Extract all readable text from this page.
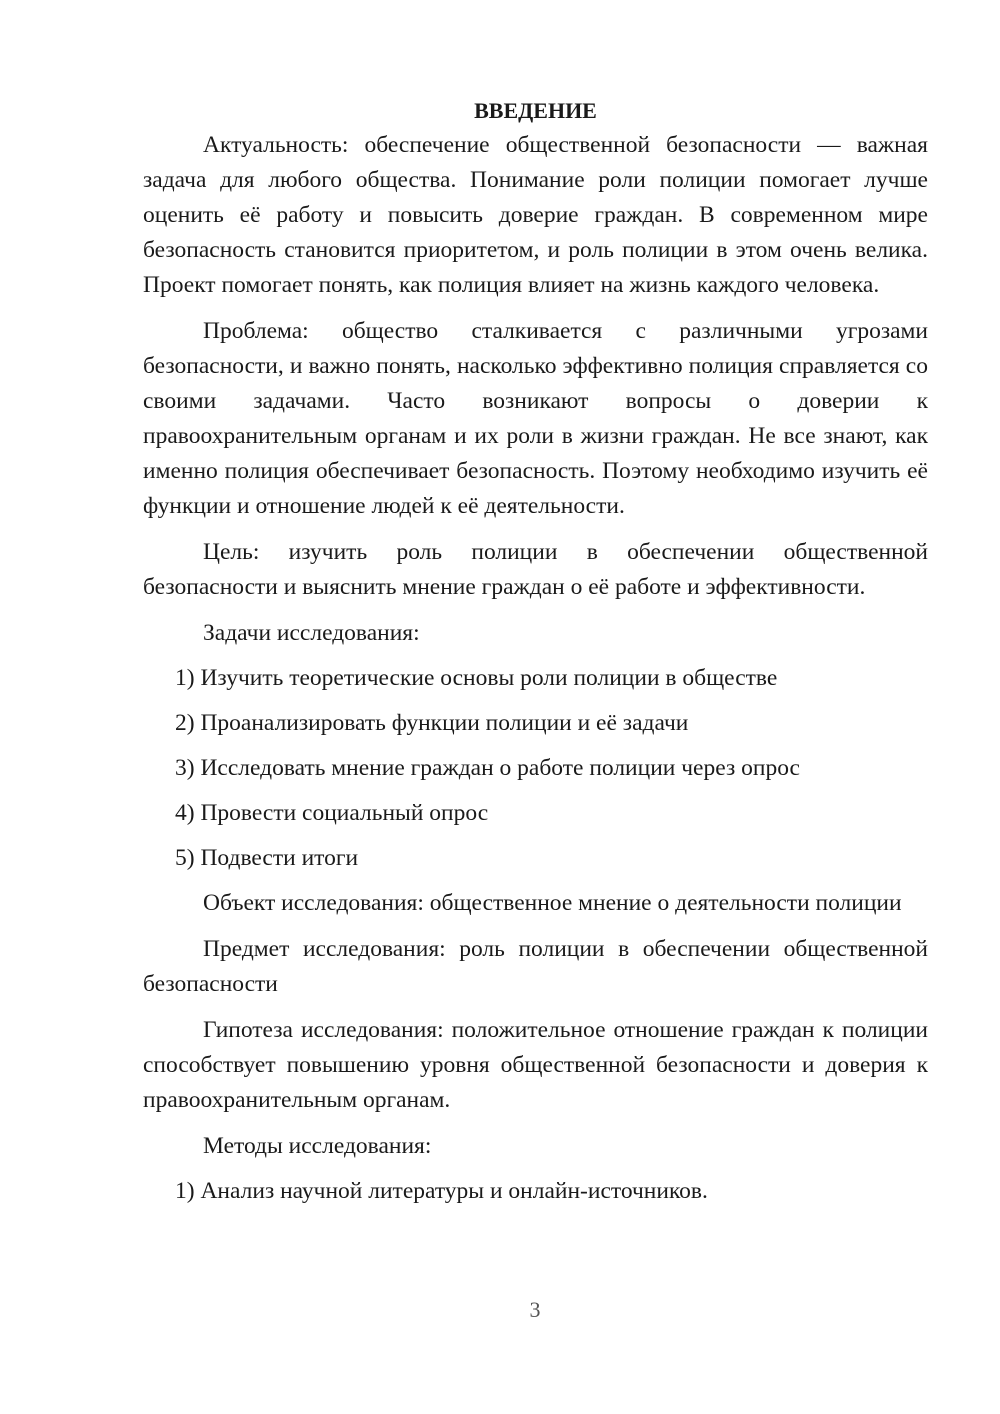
ВВЕДЕНИЕ

Актуальность: обеспечение общественной безопасности — важная задача для любого общества. Понимание роли полиции помогает лучше оценить её работу и повысить доверие граждан. В современном мире безопасность становится приоритетом, и роль полиции в этом очень велика. Проект помогает понять, как полиция влияет на жизнь каждого человека.

Проблема: общество сталкивается с различными угрозами безопасности, и важно понять, насколько эффективно полиция справляется со своими задачами. Часто возникают вопросы о доверии к правоохранительным органам и их роли в жизни граждан. Не все знают, как именно полиция обеспечивает безопасность. Поэтому необходимо изучить её функции и отношение людей к её деятельности.

Цель: изучить роль полиции в обеспечении общественной безопасности и выяснить мнение граждан о её работе и эффективности.

Задачи исследования:

1) Изучить теоретические основы роли полиции в обществе

2) Проанализировать функции полиции и её задачи

3) Исследовать мнение граждан о работе полиции через опрос

4) Провести социальный опрос

5) Подвести итоги

Объект исследования: общественное мнение о деятельности полиции

Предмет исследования: роль полиции в обеспечении общественной безопасности

Гипотеза исследования: положительное отношение граждан к полиции способствует повышению уровня общественной безопасности и доверия к правоохранительным органам.

Методы исследования:

1) Анализ научной литературы и онлайн-источников.

3
